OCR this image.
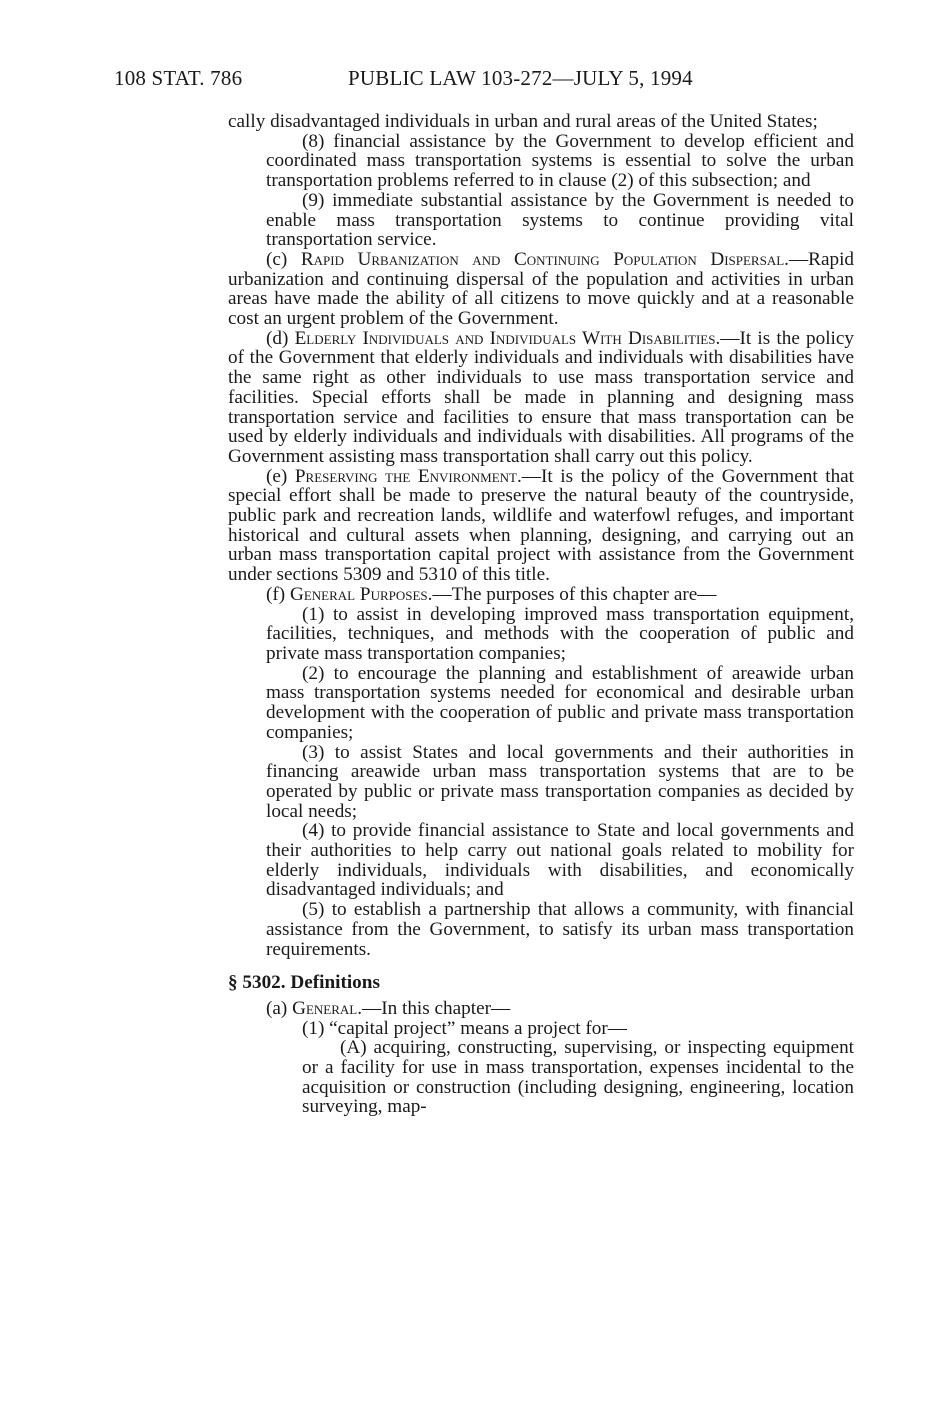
108 STAT. 786	PUBLIC LAW 103-272—JULY 5, 1994

cally disadvantaged individuals in urban and rural areas of the United States;

(8) financial assistance by the Government to develop efficient and coordinated mass transportation systems is essential to solve the urban transportation problems referred to in clause (2) of this subsection; and

(9) immediate substantial assistance by the Government is needed to enable mass transportation systems to continue providing vital transportation service.

(c) Rapid Urbanization and Continuing Population Dispersal.—Rapid urbanization and continuing dispersal of the population and activities in urban areas have made the ability of all citizens to move quickly and at a reasonable cost an urgent problem of the Government.

(d) Elderly Individuals and Individuals With Disabilities.—It is the policy of the Government that elderly individuals and individuals with disabilities have the same right as other individuals to use mass transportation service and facilities. Special efforts shall be made in planning and designing mass transportation service and facilities to ensure that mass transportation can be used by elderly individuals and individuals with disabilities. All programs of the Government assisting mass transportation shall carry out this policy.

(e) Preserving the Environment.—It is the policy of the Government that special effort shall be made to preserve the natural beauty of the countryside, public park and recreation lands, wildlife and waterfowl refuges, and important historical and cultural assets when planning, designing, and carrying out an urban mass transportation capital project with assistance from the Government under sections 5309 and 5310 of this title.

(f) General Purposes.—The purposes of this chapter are—

(1) to assist in developing improved mass transportation equipment, facilities, techniques, and methods with the cooperation of public and private mass transportation companies;

(2) to encourage the planning and establishment of areawide urban mass transportation systems needed for economical and desirable urban development with the cooperation of public and private mass transportation companies;

(3) to assist States and local governments and their authorities in financing areawide urban mass transportation systems that are to be operated by public or private mass transportation companies as decided by local needs;

(4) to provide financial assistance to State and local governments and their authorities to help carry out national goals related to mobility for elderly individuals, individuals with disabilities, and economically disadvantaged individuals; and

(5) to establish a partnership that allows a community, with financial assistance from the Government, to satisfy its urban mass transportation requirements.

§ 5302. Definitions

(a) General.—In this chapter—

(1) “capital project” means a project for—

(A) acquiring, constructing, supervising, or inspecting equipment or a facility for use in mass transportation, expenses incidental to the acquisition or construction (including designing, engineering, location surveying, map-
